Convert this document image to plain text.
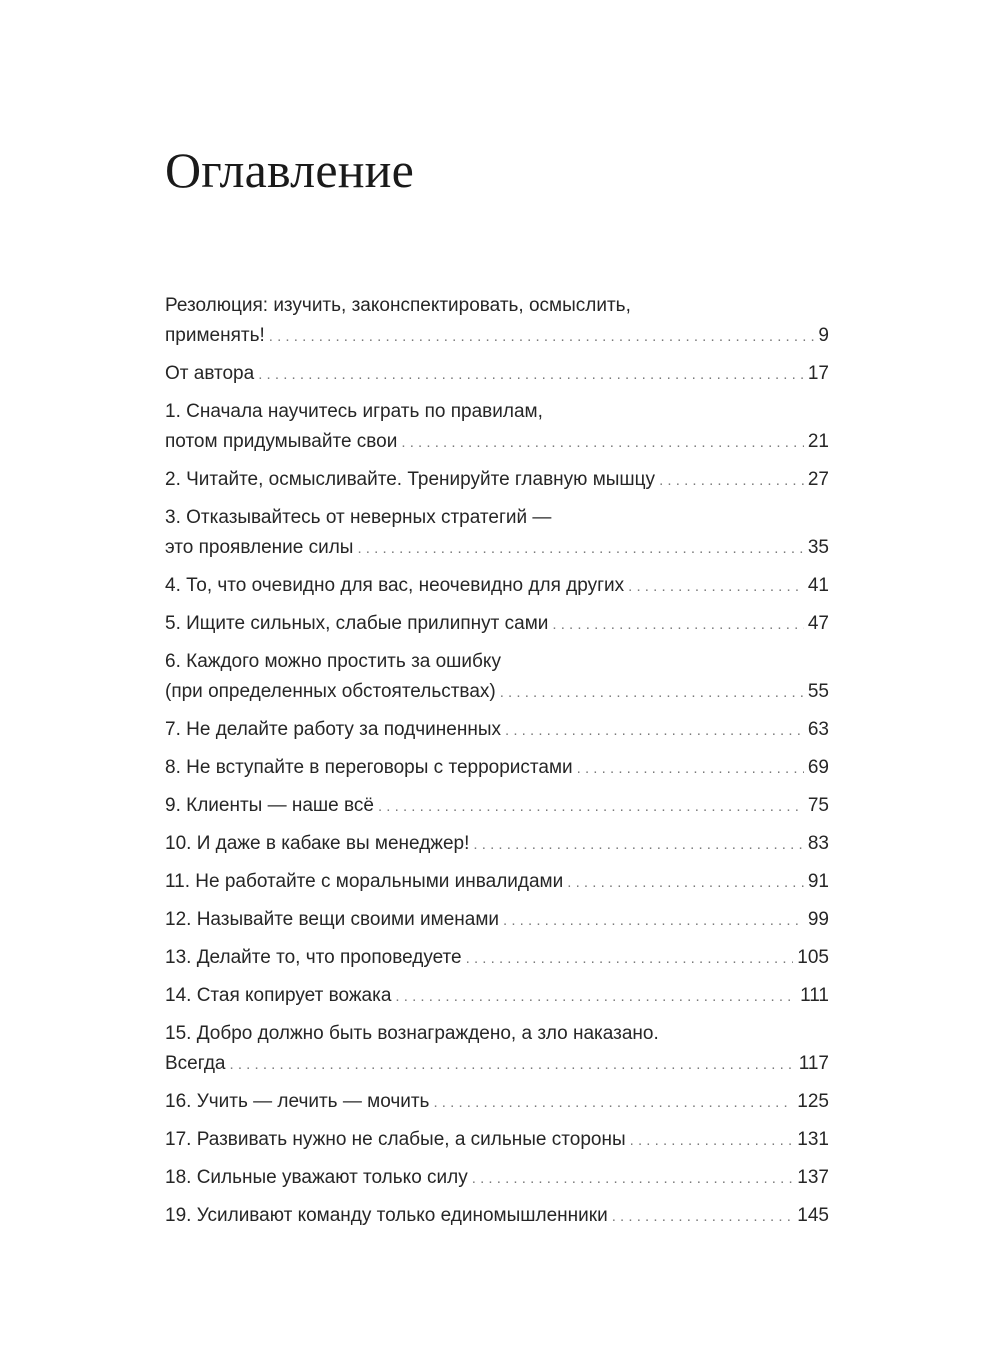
Оглавление
Резолюция: изучить, законспектировать, осмыслить,
применять! . . .	9
От автора . . .	17
1. Сначала научитесь играть по правилам,
потом придумывайте свои . . .	21
2. Читайте, осмысливайте. Тренируйте главную мышцу . . .	27
3. Отказывайтесь от неверных стратегий —
это проявление силы . . .	35
4. То, что очевидно для вас, неочевидно для других . . .	41
5. Ищите сильных, слабые прилипнут сами . . .	47
6. Каждого можно простить за ошибку
(при определенных обстоятельствах) . . .	55
7. Не делайте работу за подчиненных . . .	63
8. Не вступайте в переговоры с террористами . . .	69
9. Клиенты — наше всё . . .	75
10. И даже в кабаке вы менеджер! . . .	83
11. Не работайте с моральными инвалидами . . .	91
12. Называйте вещи своими именами . . .	99
13. Делайте то, что проповедуете . . .	105
14. Стая копирует вожака . . .	111
15. Добро должно быть вознаграждено, а зло наказано.
Всегда . . .	117
16. Учить — лечить — мочить . . .	125
17. Развивать нужно не слабые, а сильные стороны . . .	131
18. Сильные уважают только силу . . .	137
19. Усиливают команду только единомышленники . . .	145
